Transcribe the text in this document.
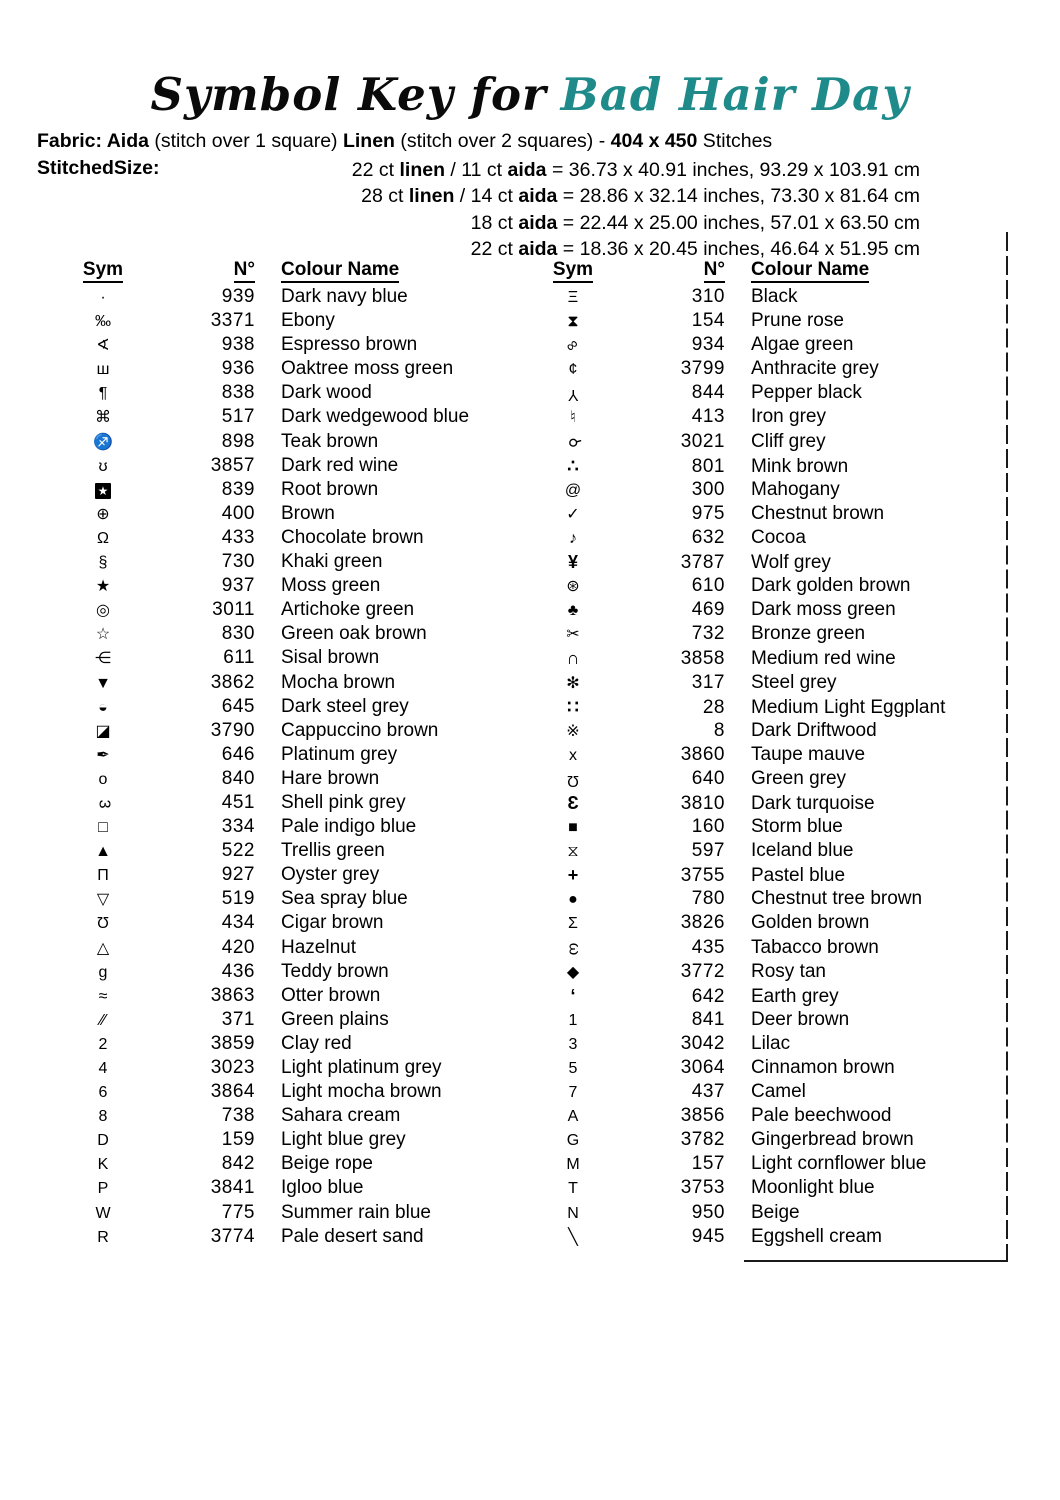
Symbol Key for Bad Hair Day
Fabric: Aida (stitch over 1 square) Linen (stitch over 2 squares) - 404 x 450 Stitches
StitchedSize:	22 ct linen / 11 ct aida = 36.73 x 40.91 inches, 93.29 x 103.91 cm
28 ct linen / 14 ct aida = 28.86 x 32.14 inches, 73.30 x 81.64 cm
18 ct aida = 22.44 x 25.00 inches, 57.01 x 63.50 cm
22 ct aida = 18.36 x 20.45 inches, 46.64 x 51.95 cm
Sym	N°	Colour Name
·	939	Dark navy blue
‰	3371	Ebony
∢	938	Espresso brown
ш	936	Oaktree moss green
¶	838	Dark wood
⌘	517	Dark wedgewood blue
♐	898	Teak brown
ʊ	3857	Dark red wine
★	839	Root brown
⊕	400	Brown
Ω	433	Chocolate brown
§	730	Khaki green
★	937	Moss green
◎	3011	Artichoke green
☆	830	Green oak brown
⋲	611	Sisal brown
▼	3862	Mocha brown
◒	645	Dark steel grey
◪	3790	Cappuccino brown
✒	646	Platinum grey
o	840	Hare brown
3	451	Shell pink grey
□	334	Pale indigo blue
▲	522	Trellis green
Π	927	Oyster grey
▽	519	Sea spray blue
Ʊ	434	Cigar brown
△	420	Hazelnut
g	436	Teddy brown
≈	3863	Otter brown
⁄⁄	371	Green plains
2	3859	Clay red
4	3023	Light platinum grey
6	3864	Light mocha brown
8	738	Sahara cream
D	159	Light blue grey
K	842	Beige rope
P	3841	Igloo blue
W	775	Summer rain blue
R	3774	Pale desert sand
Sym	N°	Colour Name
Ξ	310	Black
⧗	154	Prune rose
∞	934	Algae green
¢	3799	Anthracite grey
Y	844	Pepper black
♮	413	Iron grey
☌	3021	Cliff grey
∴	801	Mink brown
@	300	Mahogany
✓	975	Chestnut brown
♪	632	Cocoa
¥	3787	Wolf grey
⊛	610	Dark golden brown
♣	469	Dark moss green
✂	732	Bronze green
∩	3858	Medium red wine
✻	317	Steel grey
∷	28	Medium Light Eggplant
※	8	Dark Driftwood
x	3860	Taupe mauve
Ω	640	Green grey
Ɛ	3810	Dark turquoise
■	160	Storm blue
⧖	597	Iceland blue
+	3755	Pastel blue
●	780	Chestnut tree brown
Σ	3826	Golden brown
ω	435	Tabacco brown
◆	3772	Rosy tan
‘	642	Earth grey
1	841	Deer brown
3	3042	Lilac
5	3064	Cinnamon brown
7	437	Camel
A	3856	Pale beechwood
G	3782	Gingerbread brown
M	157	Light cornflower blue
T	3753	Moonlight blue
N	950	Beige
╲	945	Eggshell cream
